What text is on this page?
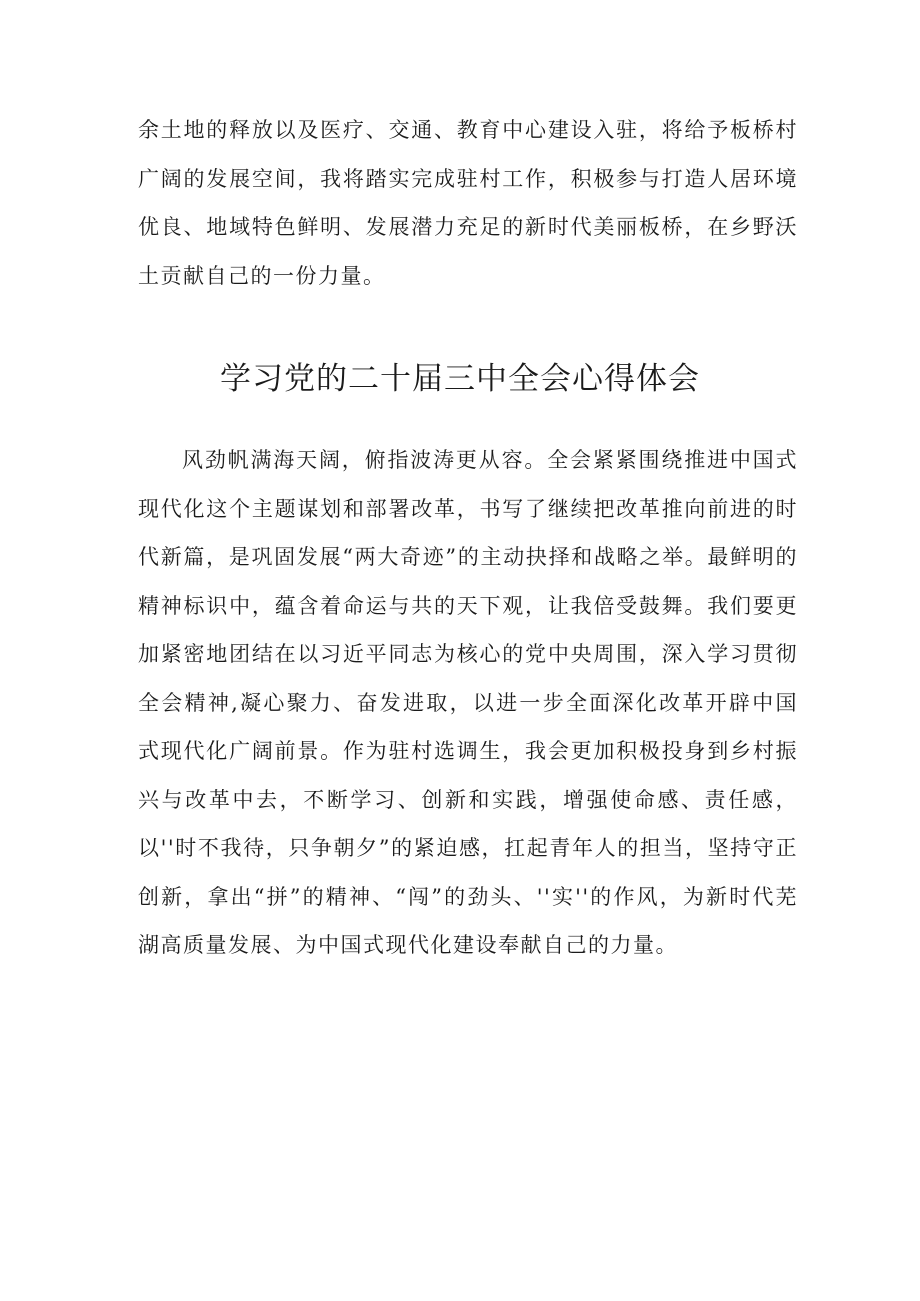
余土地的释放以及医疗、交通、教育中心建设入驻，将给予板桥村广阔的发展空间，我将踏实完成驻村工作，积极参与打造人居环境优良、地域特色鲜明、发展潜力充足的新时代美丽板桥，在乡野沃土贡献自己的一份力量。

学习党的二十届三中全会心得体会

风劲帆满海天阔，俯指波涛更从容。全会紧紧围绕推进中国式现代化这个主题谋划和部署改革，书写了继续把改革推向前进的时代新篇，是巩固发展“两大奇迹”的主动抉择和战略之举。最鲜明的精神标识中，蕴含着命运与共的天下观，让我倍受鼓舞。我们要更加紧密地团结在以习近平同志为核心的党中央周围，深入学习贯彻全会精神,凝心聚力、奋发进取，以进一步全面深化改革开辟中国式现代化广阔前景。作为驻村选调生，我会更加积极投身到乡村振兴与改革中去，不断学习、创新和实践，增强使命感、责任感，以''时不我待，只争朝夕”的紧迫感，扛起青年人的担当，坚持守正创新，拿出“拼”的精神、“闯”的劲头、''实''的作风，为新时代芜湖高质量发展、为中国式现代化建设奉献自己的力量。
